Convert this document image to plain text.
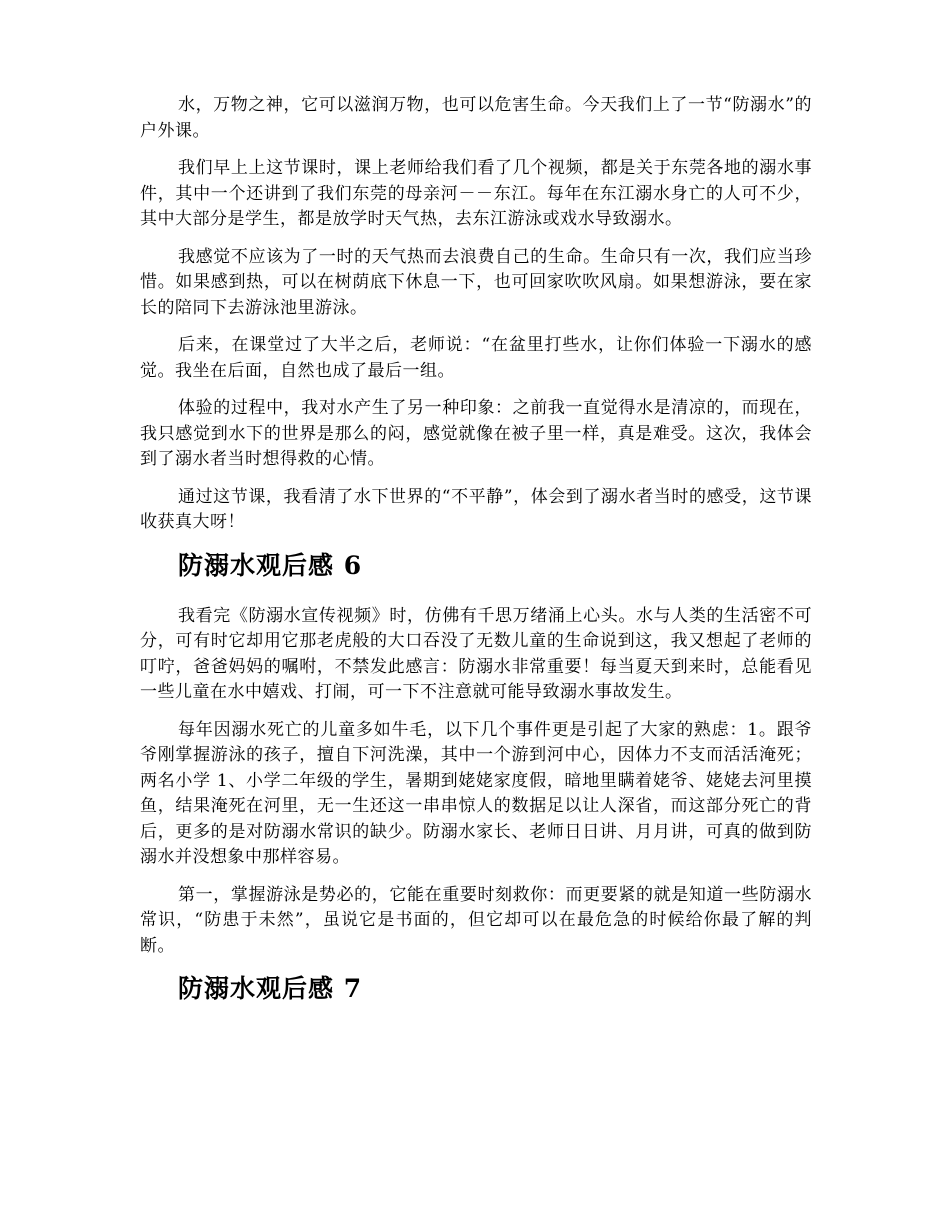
水，万物之神，它可以滋润万物，也可以危害生命。今天我们上了一节“防溺水”的户外课。

我们早上上这节课时，课上老师给我们看了几个视频，都是关于东莞各地的溺水事件，其中一个还讲到了我们东莞的母亲河－－东江。每年在东江溺水身亡的人可不少，其中大部分是学生，都是放学时天气热，去东江游泳或戏水导致溺水。

我感觉不应该为了一时的天气热而去浪费自己的生命。生命只有一次，我们应当珍惜。如果感到热，可以在树荫底下休息一下，也可回家吹吹风扇。如果想游泳，要在家长的陪同下去游泳池里游泳。

后来，在课堂过了大半之后，老师说：“在盆里打些水，让你们体验一下溺水的感觉。我坐在后面，自然也成了最后一组。

体验的过程中，我对水产生了另一种印象：之前我一直觉得水是清凉的，而现在，我只感觉到水下的世界是那么的闷，感觉就像在被子里一样，真是难受。这次，我体会到了溺水者当时想得救的心情。

通过这节课，我看清了水下世界的“不平静”，体会到了溺水者当时的感受，这节课收获真大呀！

防溺水观后感 6

我看完《防溺水宣传视频》时，仿佛有千思万绪涌上心头。水与人类的生活密不可分，可有时它却用它那老虎般的大口吞没了无数儿童的生命说到这，我又想起了老师的叮咛，爸爸妈妈的嘱咐，不禁发此感言：防溺水非常重要！每当夏天到来时，总能看见一些儿童在水中嬉戏、打闹，可一下不注意就可能导致溺水事故发生。

每年因溺水死亡的儿童多如牛毛，以下几个事件更是引起了大家的熟虑：1。跟爷爷刚掌握游泳的孩子，擅自下河洗澡，其中一个游到河中心，因体力不支而活活淹死；两名小学 1、小学二年级的学生，暑期到姥姥家度假，暗地里瞒着姥爷、姥姥去河里摸鱼，结果淹死在河里，无一生还这一串串惊人的数据足以让人深省，而这部分死亡的背后，更多的是对防溺水常识的缺少。防溺水家长、老师日日讲、月月讲，可真的做到防溺水并没想象中那样容易。

第一，掌握游泳是势必的，它能在重要时刻救你：而更要紧的就是知道一些防溺水常识，“防患于未然”，虽说它是书面的，但它却可以在最危急的时候给你最了解的判断。

防溺水观后感 7
